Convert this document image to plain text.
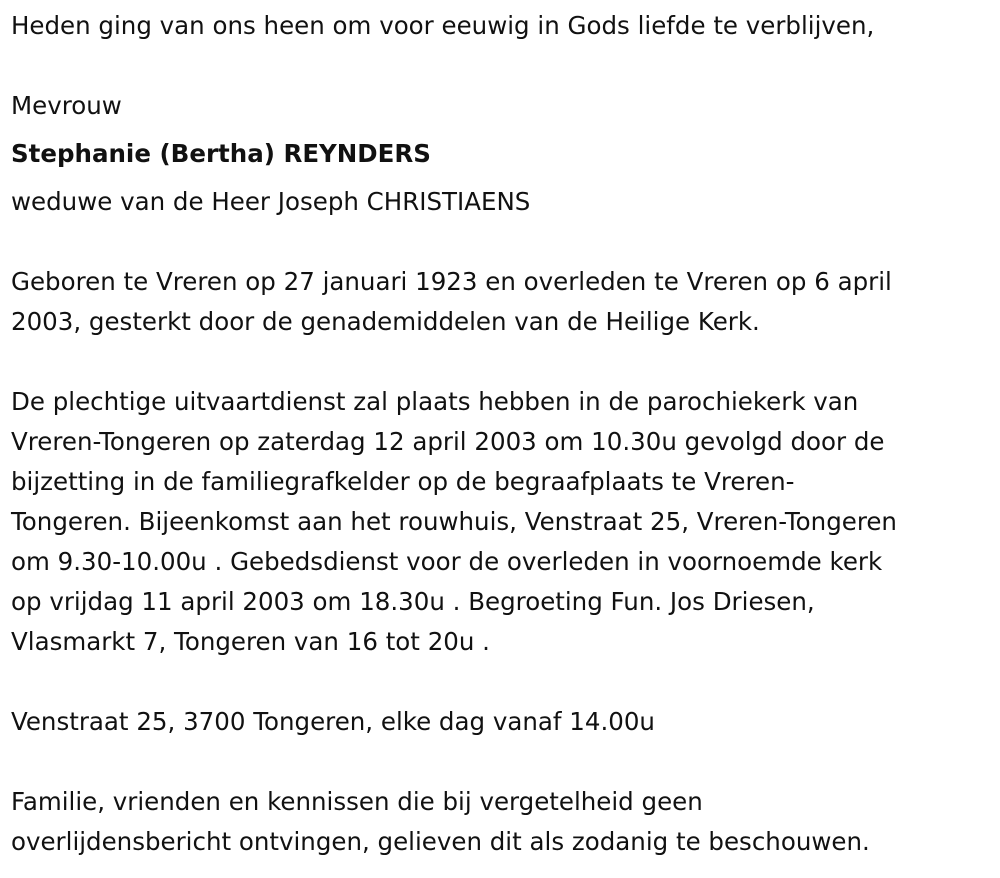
Heden ging van ons heen om voor eeuwig in Gods liefde te verblijven,

Mevrouw

Stephanie (Bertha) REYNDERS

weduwe van de Heer Joseph CHRISTIAENS

Geboren te Vreren op 27 januari 1923 en overleden te Vreren op 6 april

2003, gesterkt door de genademiddelen van de Heilige Kerk.

De plechtige uitvaartdienst zal plaats hebben in de parochiekerk van

Vreren-Tongeren op zaterdag 12 april 2003 om 10.30u gevolgd door de

bijzetting in de familiegrafkelder op de begraafplaats te Vreren-

Tongeren. Bijeenkomst aan het rouwhuis, Venstraat 25, Vreren-Tongeren

om 9.30-10.00u . Gebedsdienst voor de overleden in voornoemde kerk

op vrijdag 11 april 2003 om 18.30u . Begroeting Fun. Jos Driesen,

Vlasmarkt 7, Tongeren van 16 tot 20u .

Venstraat 25, 3700 Tongeren, elke dag vanaf 14.00u

Familie, vrienden en kennissen die bij vergetelheid geen

overlijdensbericht ontvingen, gelieven dit als zodanig te beschouwen.
